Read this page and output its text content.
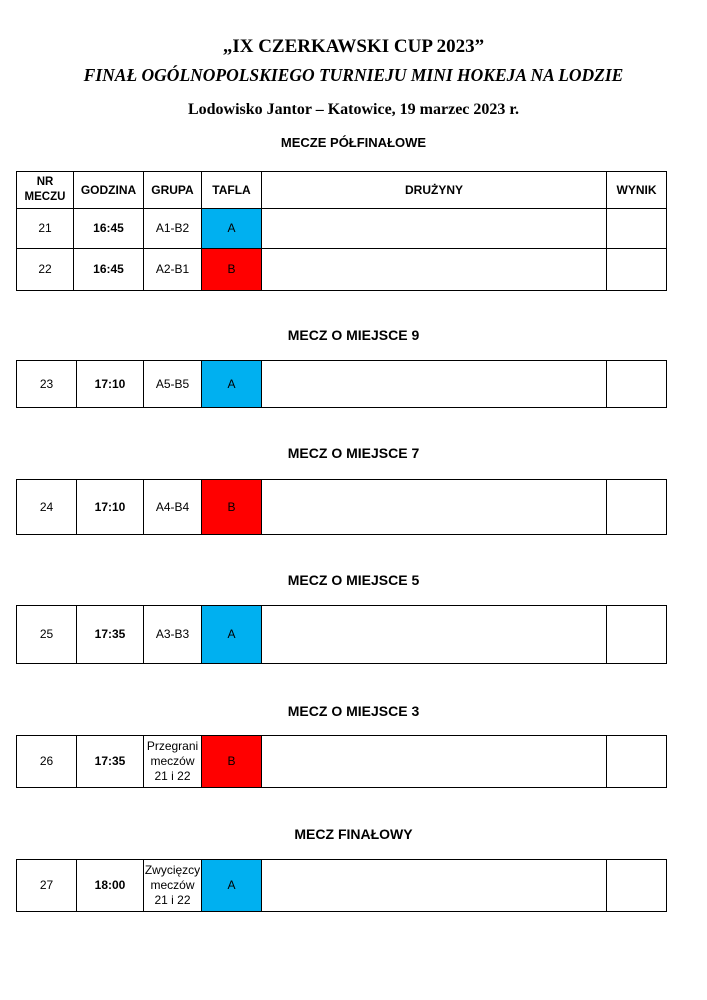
„IX CZERKAWSKI CUP 2023”
FINAŁ OGÓLNOPOLSKIEGO TURNIEJU MINI HOKEJA NA LODZIE
Lodowisko Jantor – Katowice, 19 marzec 2023 r.
MECZE PÓŁFINAŁOWE
NR MECZU	GODZINA	GRUPA	TAFLA	DRUŻYNY	WYNIK
21	16:45	A1-B2	A		
22	16:45	A2-B1	B		
MECZ O MIEJSCE 9
23	17:10	A5-B5	A		
MECZ O MIEJSCE 7
24	17:10	A4-B4	B		
MECZ O MIEJSCE 5
25	17:35	A3-B3	A		
MECZ O MIEJSCE 3
26	17:35	Przegrani meczów 21 i 22	B		
MECZ FINAŁOWY
27	18:00	Zwycięzcy meczów 21 i 22	A		
